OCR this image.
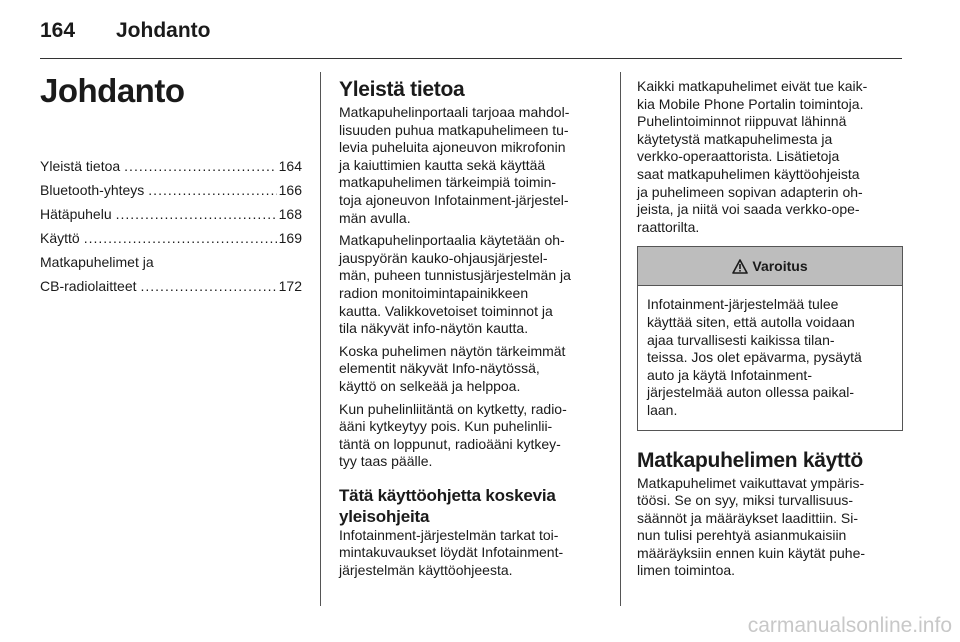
164 Johdanto
Johdanto
Yleistä tietoa .....	164
Bluetooth-yhteys .....	166
Hätäpuhelu .....	168
Käyttö .....	169
Matkapuhelimet ja
CB-radiolaitteet .....	172
Yleistä tietoa

Matkapuhelinportaali tarjoaa mahdol-
lisuuden puhua matkapuhelimeen tu-
levia puheluita ajoneuvon mikrofonin
ja kaiuttimien kautta sekä käyttää
matkapuhelimen tärkeimpiä toimin-
toja ajoneuvon Infotainment-järjestel-
män avulla.

Matkapuhelinportaalia käytetään oh-
jauspyörän kauko-ohjausjärjestel-
män, puheen tunnistusjärjestelmän ja
radion monitoimintapainikkeen
kautta. Valikkovetoiset toiminnot ja
tila näkyvät info-näytön kautta.

Koska puhelimen näytön tärkeimmät
elementit näkyvät Info-näytössä,
käyttö on selkeää ja helppoa.

Kun puhelinliitäntä on kytketty, radio-
ääni kytkeytyy pois. Kun puhelinlii-
täntä on loppunut, radioääni kytkey-
tyy taas päälle.

Tätä käyttöohjetta koskevia
yleisohjeita

Infotainment-järjestelmän tarkat toi-
mintakuvaukset löydät Infotainment-
järjestelmän käyttöohjeesta.

Kaikki matkapuhelimet eivät tue kaik-
kia Mobile Phone Portalin toimintoja.
Puhelintoiminnot riippuvat lähinnä
käytetystä matkapuhelimesta ja
verkko-operaattorista. Lisätietoja
saat matkapuhelimen käyttöohjeista
ja puhelimeen sopivan adapterin oh-
jeista, ja niitä voi saada verkko-ope-
raattorilta.

Varoitus
Infotainment-järjestelmää tulee
käyttää siten, että autolla voidaan
ajaa turvallisesti kaikissa tilan-
teissa. Jos olet epävarma, pysäytä
auto ja käytä Infotainment-
järjestelmää auton ollessa paikal-
laan.
Matkapuhelimen käyttö

Matkapuhelimet vaikuttavat ympäris-
töösi. Se on syy, miksi turvallisuus-
säännöt ja määräykset laadittiin. Si-
nun tulisi perehtyä asianmukaisiin
määräyksiin ennen kuin käytät puhe-
limen toimintoa.

carmanualsonline.info
